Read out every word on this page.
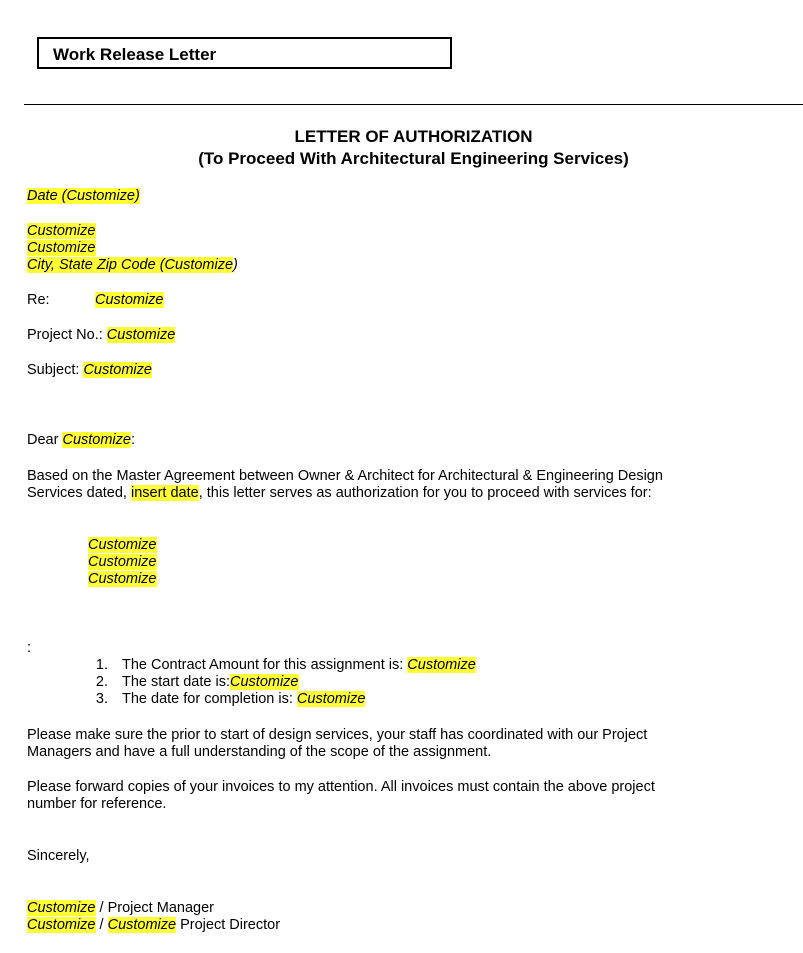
Work Release Letter
LETTER OF AUTHORIZATION
(To Proceed With Architectural Engineering Services)
Date (Customize)
Customize
Customize
City, State Zip Code (Customize)
Re:	Customize
Project No.: Customize
Subject: Customize
Dear Customize:
Based on the Master Agreement between Owner & Architect for Architectural & Engineering Design
Services dated, insert date, this letter serves as authorization for you to proceed with services for:
Customize
Customize
Customize
:
1. The Contract Amount for this assignment is: Customize
2. The start date is:Customize
3. The date for completion is: Customize
Please make sure the prior to start of design services, your staff has coordinated with our Project
Managers and have a full understanding of the scope of the assignment.
Please forward copies of your invoices to my attention. All invoices must contain the above project
number for reference.
Sincerely,
Customize / Project Manager
Customize / Customize Project Director
